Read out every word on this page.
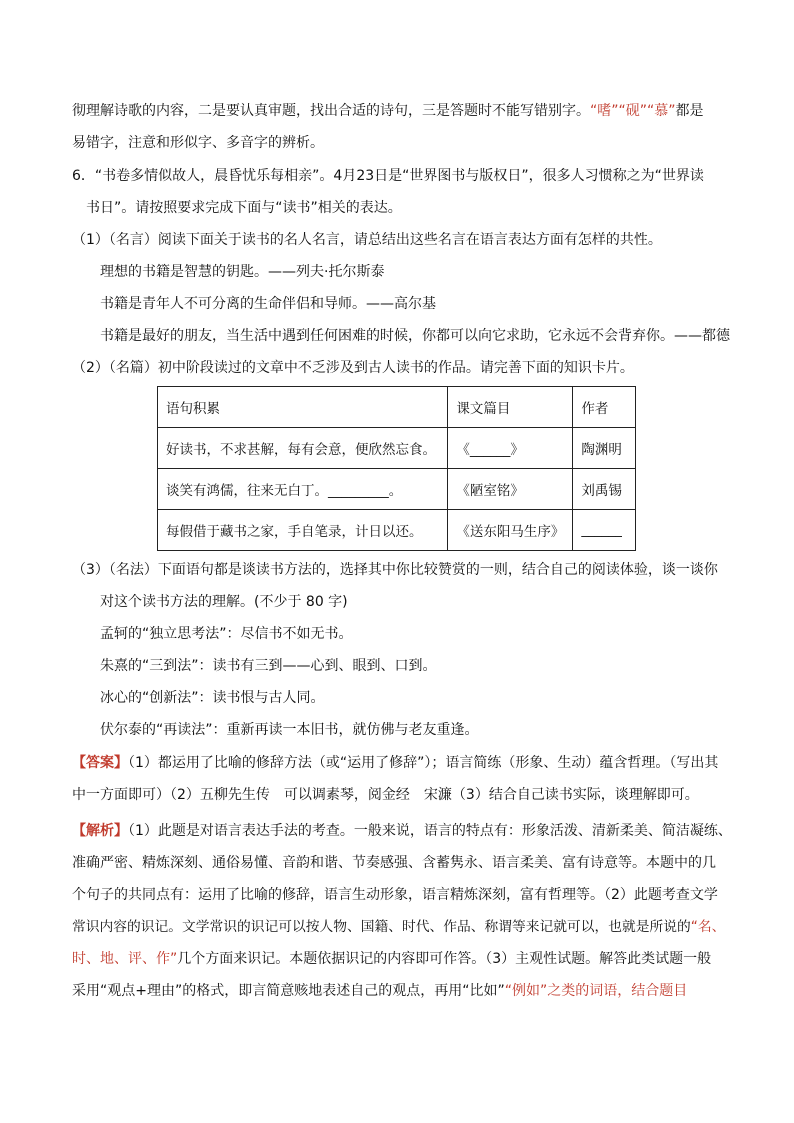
彻理解诗歌的内容，二是要认真审题，找出合适的诗句，三是答题时不能写错别字。“嗜”“砚”“慕”都是
易错字，注意和形似字、多音字的辨析。
6．“书卷多情似故人，晨昏忧乐每相亲”。4月23日是“世界图书与版权日”，很多人习惯称之为“世界读
书日”。请按照要求完成下面与“读书”相关的表达。
（1）（名言）阅读下面关于读书的名人名言，请总结出这些名言在语言表达方面有怎样的共性。
理想的书籍是智慧的钥匙。——列夫·托尔斯泰
书籍是青年人不可分离的生命伴侣和导师。——高尔基
书籍是最好的朋友，当生活中遇到任何困难的时候，你都可以向它求助，它永远不会背弃你。——都德
（2）（名篇）初中阶段读过的文章中不乏涉及到古人读书的作品。请完善下面的知识卡片。
语句积累	课文篇目	作者
好读书，不求甚解，每有会意，便欣然忘食。	《______》	陶渊明
谈笑有鸿儒，往来无白丁。_________。	《陋室铭》	刘禹锡
每假借于藏书之家，手自笔录，计日以还。	《送东阳马生序》	______
（3）（名法）下面语句都是谈读书方法的，选择其中你比较赞赏的一则，结合自己的阅读体验，谈一谈你
对这个读书方法的理解。(不少于 80 字)
孟轲的“独立思考法”：尽信书不如无书。
朱熹的“三到法”：读书有三到——心到、眼到、口到。
冰心的“创新法”：读书恨与古人同。
伏尔泰的“再读法”：重新再读一本旧书，就仿佛与老友重逢。
【答案】（1）都运用了比喻的修辞方法（或“运用了修辞”）；语言简练（形象、生动）蕴含哲理。（写出其
中一方面即可）（2）五柳先生传　可以调素琴，阅金经　宋濂（3）结合自己读书实际，谈理解即可。
【解析】（1）此题是对语言表达手法的考查。一般来说，语言的特点有：形象活泼、清新柔美、简洁凝练、
准确严密、精炼深刻、通俗易懂、音韵和谐、节奏感强、含蓄隽永、语言柔美、富有诗意等。本题中的几
个句子的共同点有：运用了比喻的修辞，语言生动形象，语言精炼深刻，富有哲理等。（2）此题考查文学
常识内容的识记。文学常识的识记可以按人物、国籍、时代、作品、称谓等来记就可以，也就是所说的“名、
时、地、评、作”几个方面来识记。本题依据识记的内容即可作答。（3）主观性试题。解答此类试题一般
采用“观点+理由”的格式，即言简意赅地表述自己的观点，再用“比如”“例如”之类的词语，结合题目
